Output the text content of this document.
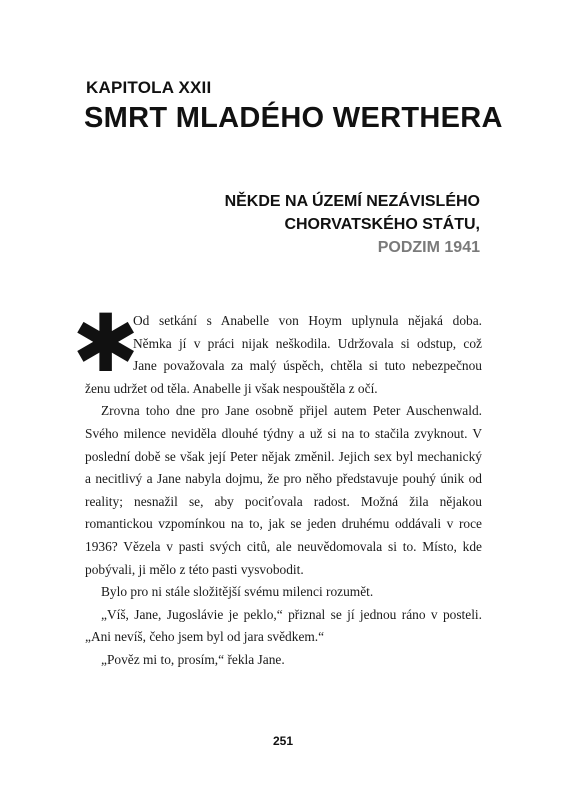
KAPITOLA XXII
SMRT MLADÉHO WERTHERA
NĚKDE NA ÚZEMÍ NEZÁVISLÉHO
CHORVATSKÉHO STÁTU,
PODZIM 1941
✱
Od setkání s Anabelle von Hoym uplynula nějaká doba.
Němka jí v práci nijak neškodila. Udržovala si odstup, což
Jane považovala za malý úspěch, chtěla si tuto nebezpečnou
ženu udržet od těla. Anabelle ji však nespouštěla z očí.

Zrovna toho dne pro Jane osobně přijel autem Peter Auschenwald. Svého milence neviděla dlouhé týdny a už si na to stačila zvyknout. V poslední době se však její Peter nějak změnil. Jejich sex byl mechanický a necitlivý a Jane nabyla dojmu, že pro něho představuje pouhý únik od reality; nesnažil se, aby pociťovala radost. Možná žila nějakou romantickou vzpomínkou na to, jak se jeden druhému oddávali v roce 1936? Vězela v pasti svých citů, ale neuvědomovala si to. Místo, kde pobývali, ji mělo z této pasti vysvobodit.

Bylo pro ni stále složitější svému milenci rozumět.

„Víš, Jane, Jugoslávie je peklo,“ přiznal se jí jednou ráno v posteli. „Ani nevíš, čeho jsem byl od jara svědkem.“

„Pověz mi to, prosím,“ řekla Jane.

251
